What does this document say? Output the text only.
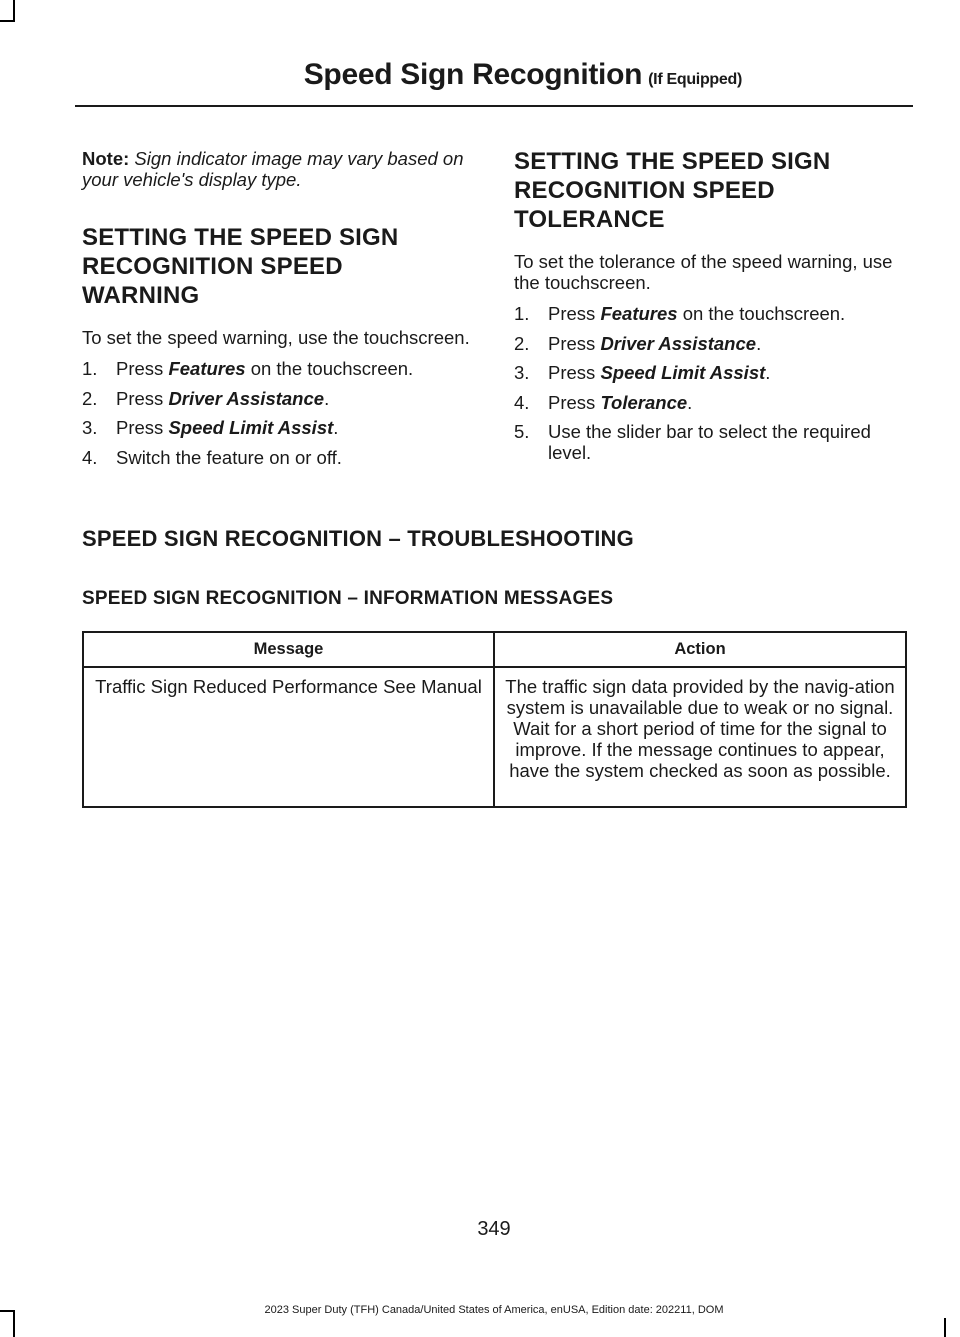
Speed Sign Recognition (If Equipped)

Note: Sign indicator image may vary based on your vehicle's display type.

SETTING THE SPEED SIGN
RECOGNITION SPEED
WARNING

To set the speed warning, use the touchscreen.

1. Press Features on the touchscreen.
2. Press Driver Assistance.
3. Press Speed Limit Assist.
4. Switch the feature on or off.
SETTING THE SPEED SIGN
RECOGNITION SPEED
TOLERANCE

To set the tolerance of the speed warning, use the touchscreen.

1. Press Features on the touchscreen.
2. Press Driver Assistance.
3. Press Speed Limit Assist.
4. Press Tolerance.
5. Use the slider bar to select the required level.
SPEED SIGN RECOGNITION – TROUBLESHOOTING
SPEED SIGN RECOGNITION – INFORMATION MESSAGES
Message	Action
Traffic Sign Reduced Performance See Manual	The traffic sign data provided by the navig-ation system is unavailable due to weak or no signal. Wait for a short period of time for the signal to improve. If the message continues to appear, have the system checked as soon as possible.
349
2023 Super Duty (TFH) Canada/United States of America, enUSA, Edition date: 202211, DOM
